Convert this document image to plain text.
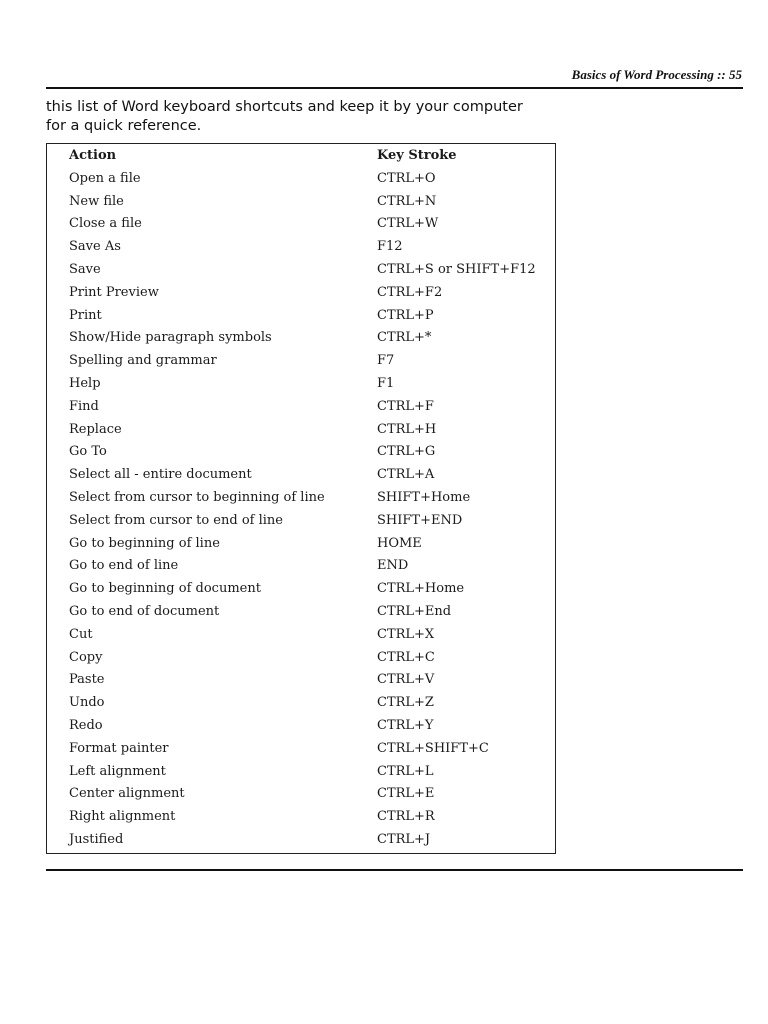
Basics of Word Processing :: 55
this list of Word keyboard shortcuts and keep it by your computer
for a quick reference.
Action	Key Stroke
Open a file	CTRL+O
New file	CTRL+N
Close a file	CTRL+W
Save As	F12
Save	CTRL+S or SHIFT+F12
Print Preview	CTRL+F2
Print	CTRL+P
Show/Hide paragraph symbols	CTRL+*
Spelling and grammar	F7
Help	F1
Find	CTRL+F
Replace	CTRL+H
Go To	CTRL+G
Select all - entire document	CTRL+A
Select from cursor to beginning of line	SHIFT+Home
Select from cursor to end of line	SHIFT+END
Go to beginning of line	HOME
Go to end of line	END
Go to beginning of document	CTRL+Home
Go to end of document	CTRL+End
Cut	CTRL+X
Copy	CTRL+C
Paste	CTRL+V
Undo	CTRL+Z
Redo	CTRL+Y
Format painter	CTRL+SHIFT+C
Left alignment	CTRL+L
Center alignment	CTRL+E
Right alignment	CTRL+R
Justified	CTRL+J
